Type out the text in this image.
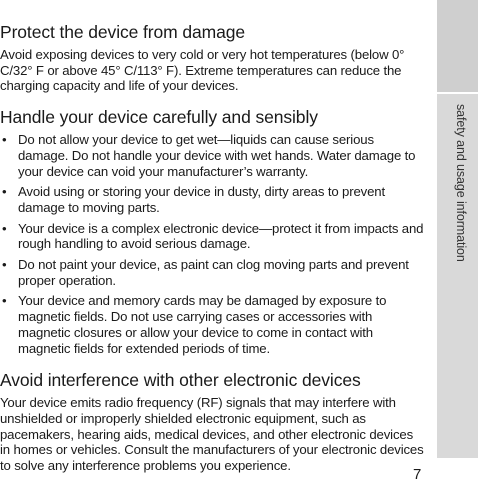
Protect the device from damage

Avoid exposing devices to very cold or very hot temperatures (below 0° C/32° F or above 45° C/113° F). Extreme temperatures can reduce the charging capacity and life of your devices.

Handle your device carefully and sensibly
• Do not allow your device to get wet—liquids can cause serious damage. Do not handle your device with wet hands. Water damage to your device can void your manufacturer’s warranty.
• Avoid using or storing your device in dusty, dirty areas to prevent damage to moving parts.
• Your device is a complex electronic device—protect it from impacts and rough handling to avoid serious damage.
• Do not paint your device, as paint can clog moving parts and prevent proper operation.
• Your device and memory cards may be damaged by exposure to magnetic fields. Do not use carrying cases or accessories with magnetic closures or allow your device to come in contact with magnetic fields for extended periods of time.
Avoid interference with other electronic devices

Your device emits radio frequency (RF) signals that may interfere with unshielded or improperly shielded electronic equipment, such as pacemakers, hearing aids, medical devices, and other electronic devices in homes or vehicles. Consult the manufacturers of your electronic devices to solve any interference problems you experience.

safety and usage information
7
